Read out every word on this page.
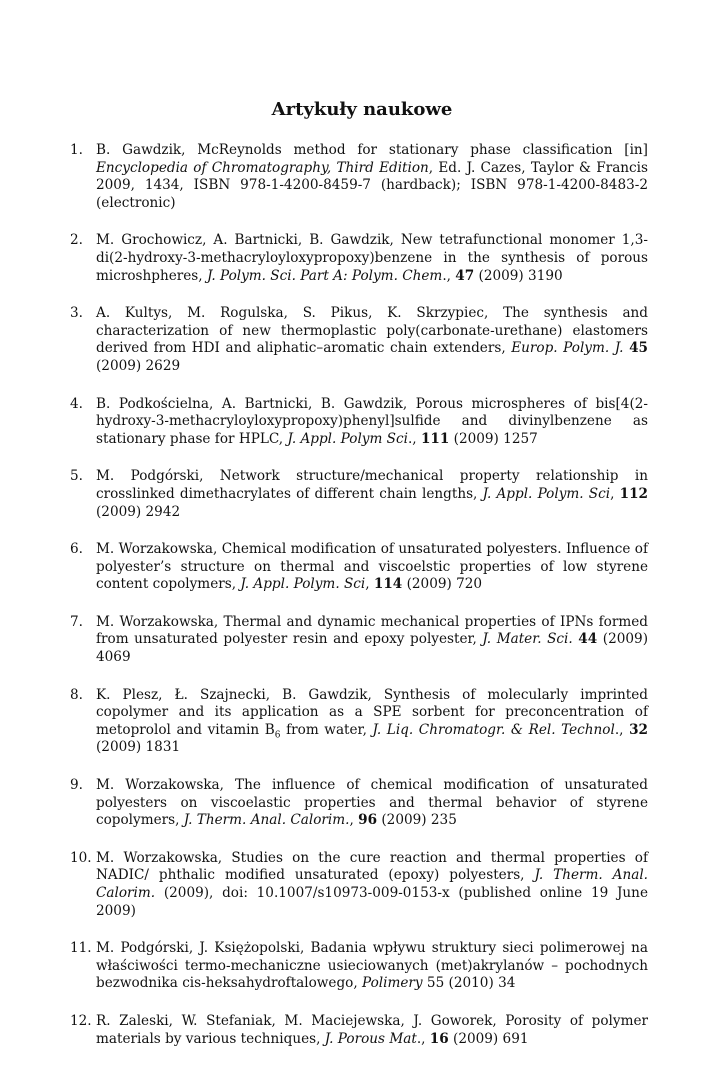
Artykuły naukowe
1. B. Gawdzik, McReynolds method for stationary phase classification [in] Encyclopedia of Chromatography, Third Edition, Ed. J. Cazes, Taylor & Francis 2009, 1434, ISBN 978-1-4200-8459-7 (hardback); ISBN 978-1-4200-8483-2 (electronic)
2. M. Grochowicz, A. Bartnicki, B. Gawdzik, New tetrafunctional monomer 1,3-di(2-hydroxy-3-methacryloyloxypropoxy)benzene in the synthesis of porous microshpheres, J. Polym. Sci. Part A: Polym. Chem., 47 (2009) 3190
3. A. Kultys, M. Rogulska, S. Pikus, K. Skrzypiec, The synthesis and characterization of new thermoplastic poly(carbonate-urethane) elastomers derived from HDI and aliphatic–aromatic chain extenders, Europ. Polym. J. 45 (2009) 2629
4. B. Podkościelna, A. Bartnicki, B. Gawdzik, Porous microspheres of bis[4(2-hydroxy-3-methacryloyloxypropoxy)phenyl]sulfide and divinylbenzene as stationary phase for HPLC, J. Appl. Polym Sci., 111 (2009) 1257
5. M. Podgórski, Network structure/mechanical property relationship in crosslinked dimethacrylates of different chain lengths, J. Appl. Polym. Sci, 112 (2009) 2942
6. M. Worzakowska, Chemical modification of unsaturated polyesters. Influence of polyester’s structure on thermal and viscoelstic properties of low styrene content copolymers, J. Appl. Polym. Sci, 114 (2009) 720
7. M. Worzakowska, Thermal and dynamic mechanical properties of IPNs formed from unsaturated polyester resin and epoxy polyester, J. Mater. Sci. 44 (2009) 4069
8. K. Plesz, Ł. Szajnecki, B. Gawdzik, Synthesis of molecularly imprinted copolymer and its application as a SPE sorbent for preconcentration of metoprolol and vitamin $B_6$ from water, J. Liq. Chromatogr. & Rel. Technol., 32 (2009) 1831
9. M. Worzakowska, The influence of chemical modification of unsaturated polyesters on viscoelastic properties and thermal behavior of styrene copolymers, J. Therm. Anal. Calorim., 96 (2009) 235
10. M. Worzakowska, Studies on the cure reaction and thermal properties of NADIC/ phthalic modified unsaturated (epoxy) polyesters, J. Therm. Anal. Calorim. (2009), doi: 10.1007/s10973-009-0153-x (published online 19 June 2009)
11. M. Podgórski, J. Księżopolski, Badania wpływu struktury sieci polimerowej na właściwości termo-mechaniczne usieciowanych (met)akrylanów – pochodnych bezwodnika cis-heksahydroftalowego, Polimery 55 (2010) 34
12. R. Zaleski, W. Stefaniak, M. Maciejewska, J. Goworek, Porosity of polymer materials by various techniques, J. Porous Mat., 16 (2009) 691
